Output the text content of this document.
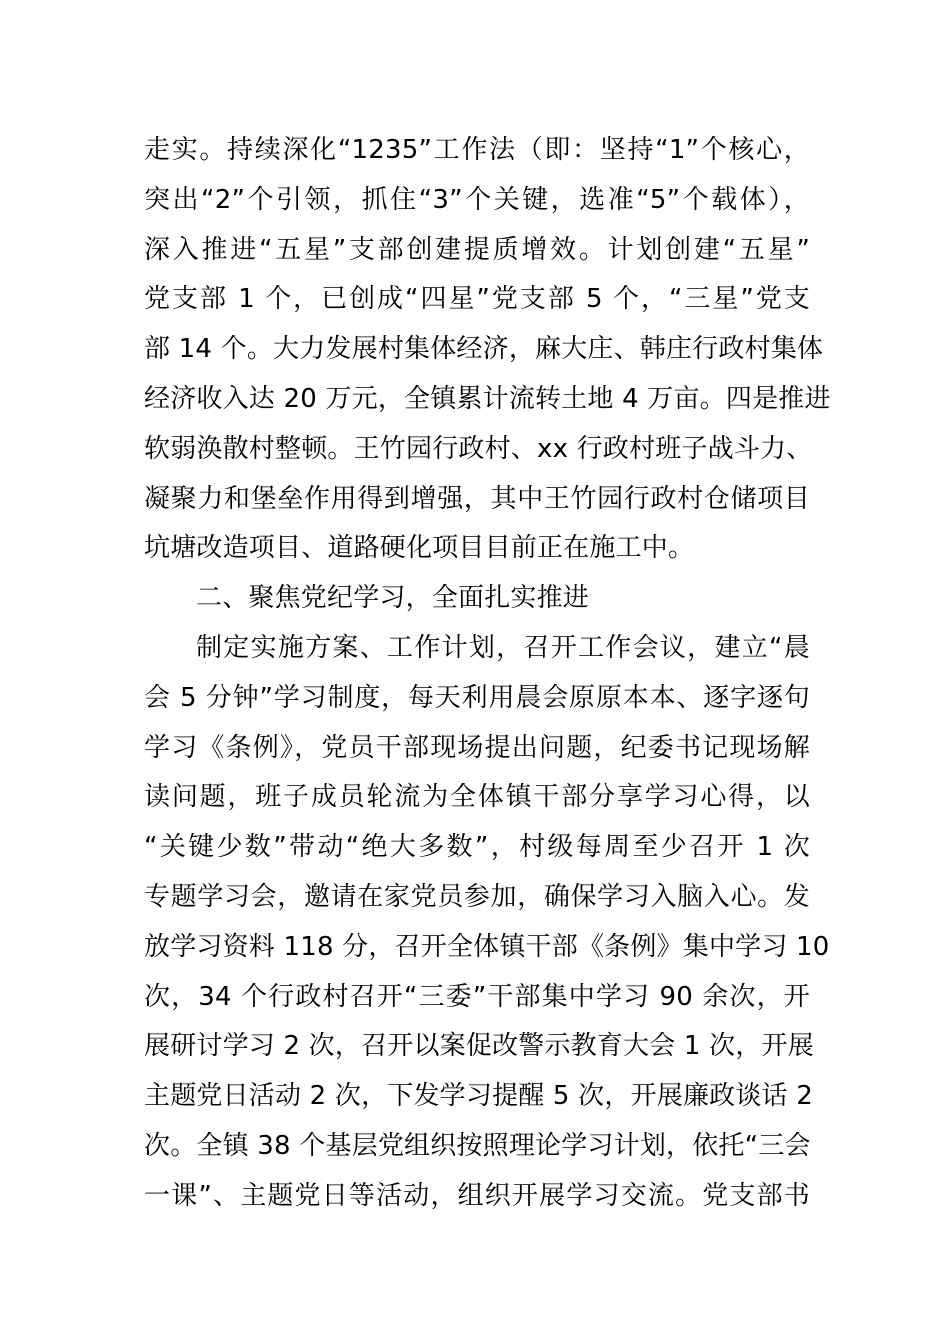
走实。持续深化“1235”工作法（即：坚持“1”个核心，
突出“2”个引领，抓住“3”个关键，选准“5”个载体），
深入推进“五星”支部创建提质增效。计划创建“五星”
党支部 1 个，已创成“四星”党支部 5 个，“三星”党支
部 14 个。大力发展村集体经济，麻大庄、韩庄行政村集体
经济收入达 20 万元，全镇累计流转土地 4 万亩。四是推进
软弱涣散村整顿。王竹园行政村、xx 行政村班子战斗力、
凝聚力和堡垒作用得到增强，其中王竹园行政村仓储项目
坑塘改造项目、道路硬化项目目前正在施工中。
二、聚焦党纪学习，全面扎实推进
制定实施方案、工作计划，召开工作会议，建立“晨
会 5 分钟”学习制度，每天利用晨会原原本本、逐字逐句
学习《条例》，党员干部现场提出问题，纪委书记现场解
读问题，班子成员轮流为全体镇干部分享学习心得，以
“关键少数”带动“绝大多数”，村级每周至少召开 1 次
专题学习会，邀请在家党员参加，确保学习入脑入心。发
放学习资料 118 分，召开全体镇干部《条例》集中学习 10
次，34 个行政村召开“三委”干部集中学习 90 余次，开
展研讨学习 2 次，召开以案促改警示教育大会 1 次，开展
主题党日活动 2 次，下发学习提醒 5 次，开展廉政谈话 2
次。全镇 38 个基层党组织按照理论学习计划，依托“三会
一课”、主题党日等活动，组织开展学习交流。党支部书
